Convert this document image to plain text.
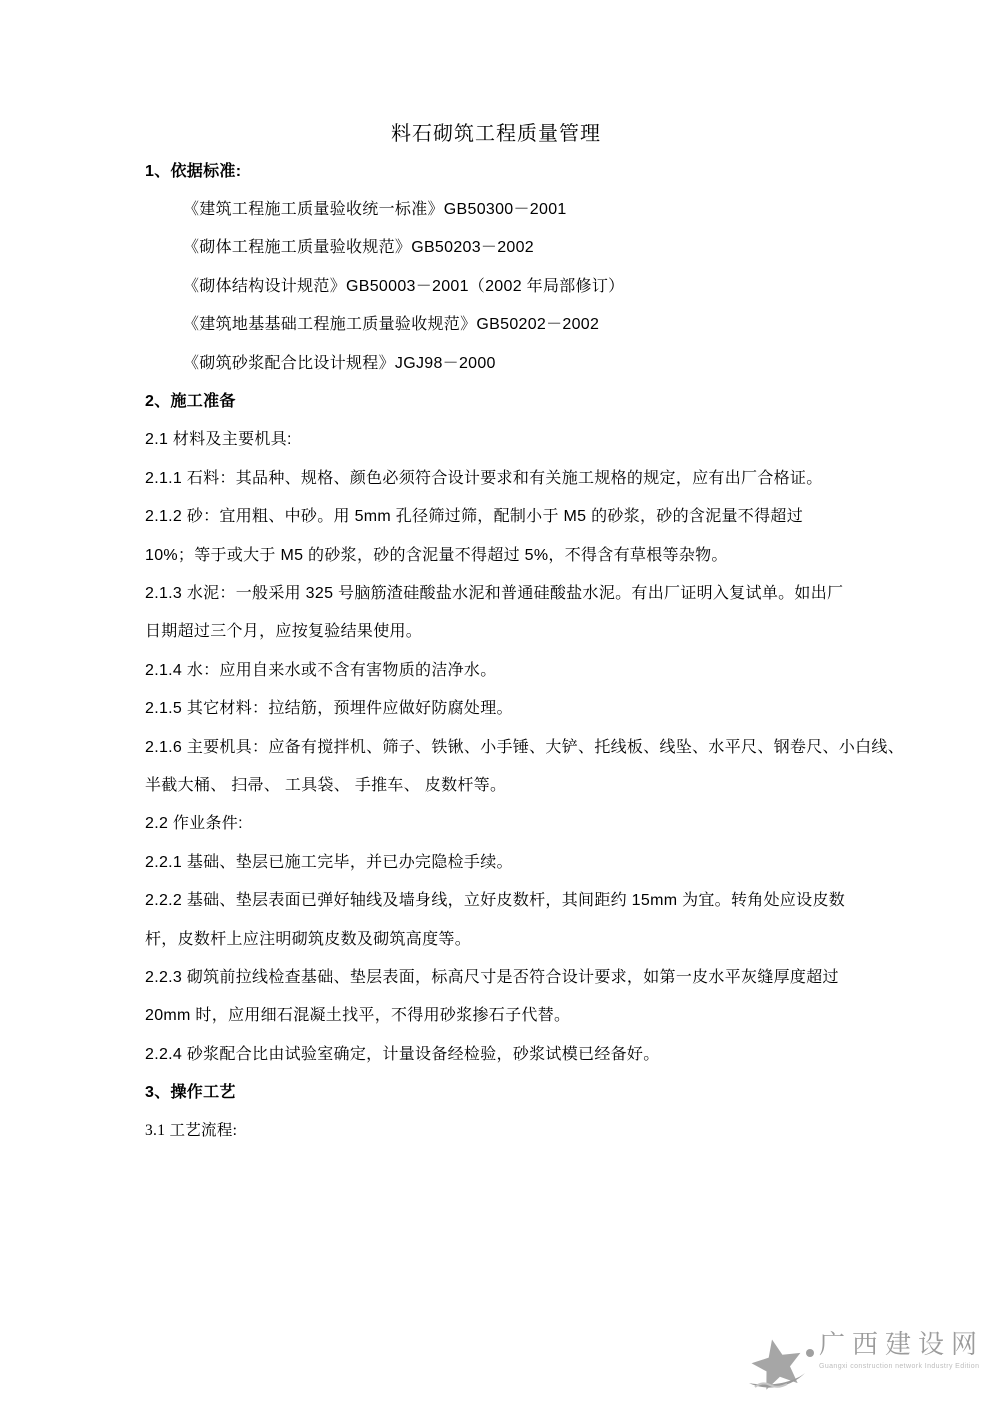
料石砌筑工程质量管理
1、依据标准:
《建筑工程施工质量验收统一标准》GB50300－2001
《砌体工程施工质量验收规范》GB50203－2002
《砌体结构设计规范》GB50003－2001（2002 年局部修订）
《建筑地基基础工程施工质量验收规范》GB50202－2002
《砌筑砂浆配合比设计规程》JGJ98－2000
2、施工准备
2.1 材料及主要机具:
2.1.1 石料：其品种、规格、颜色必须符合设计要求和有关施工规格的规定，应有出厂合格证。
2.1.2 砂：宜用粗、中砂。用 5mm 孔径筛过筛，配制小于 M5 的砂浆，砂的含泥量不得超过
10%；等于或大于 M5 的砂浆，砂的含泥量不得超过 5%，不得含有草根等杂物。
2.1.3 水泥：一般采用 325 号脑筋渣硅酸盐水泥和普通硅酸盐水泥。有出厂证明入复试单。如出厂
日期超过三个月，应按复验结果使用。
2.1.4 水：应用自来水或不含有害物质的洁净水。
2.1.5 其它材料：拉结筋，预埋件应做好防腐处理。
2.1.6 主要机具：应备有搅拌机、筛子、铁锹、小手锤、大铲、托线板、线坠、水平尺、钢卷尺、小白线、
半截大桶、 扫帚、 工具袋、 手推车、 皮数杆等。
2.2 作业条件:
2.2.1 基础、垫层已施工完毕，并已办完隐检手续。
2.2.2 基础、垫层表面已弹好轴线及墙身线，立好皮数杆，其间距约 15mm 为宜。转角处应设皮数
杆，皮数杆上应注明砌筑皮数及砌筑高度等。
2.2.3 砌筑前拉线检查基础、垫层表面，标高尺寸是否符合设计要求，如第一皮水平灰缝厚度超过
20mm 时，应用细石混凝土找平，不得用砂浆掺石子代替。
2.2.4 砂浆配合比由试验室确定，计量设备经检验，砂浆试模已经备好。
3、操作工艺
3.1 工艺流程:
广西建设网
Guangxi construction network Industry Edition
